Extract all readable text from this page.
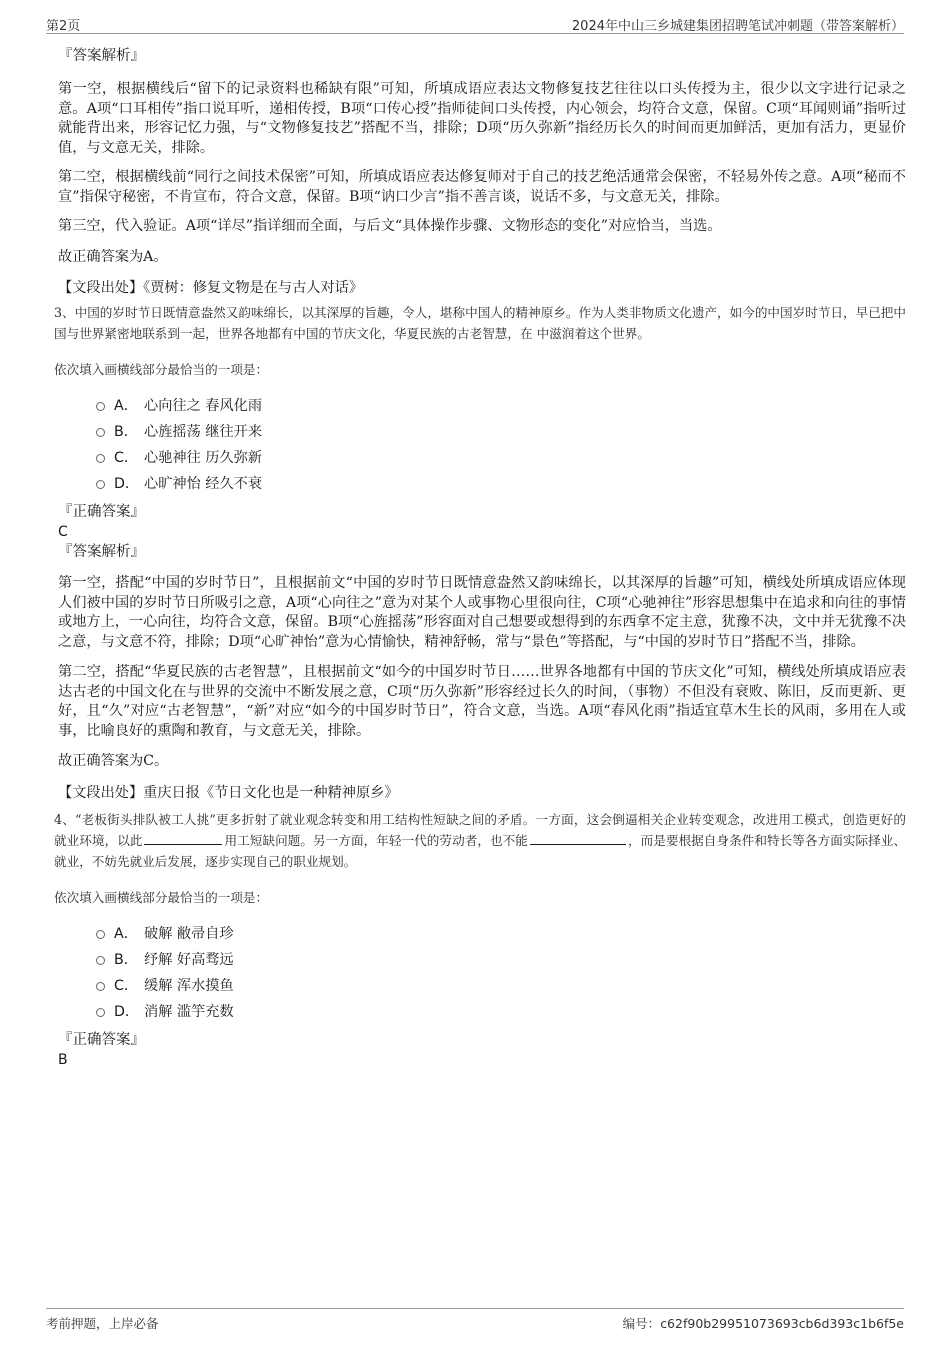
第2页	2024年中山三乡城建集团招聘笔试冲刺题（带答案解析）
『答案解析』
第一空，根据横线后“留下的记录资料也稀缺有限”可知，所填成语应表达文物修复技艺往往以口头传授为主，很少以文字进行记录之意。A项“口耳相传”指口说耳听，递相传授，B项“口传心授”指师徒间口头传授，内心领会，均符合文意，保留。C项“耳闻则诵”指听过就能背出来，形容记忆力强，与“文物修复技艺”搭配不当，排除；D项“历久弥新”指经历长久的时间而更加鲜活，更加有活力，更显价值，与文意无关，排除。
第二空，根据横线前“同行之间技术保密”可知，所填成语应表达修复师对于自己的技艺绝活通常会保密，不轻易外传之意。A项“秘而不宣”指保守秘密，不肯宣布，符合文意，保留。B项“讷口少言”指不善言谈，说话不多，与文意无关，排除。
第三空，代入验证。A项“详尽”指详细而全面，与后文“具体操作步骤、文物形态的变化”对应恰当，当选。
故正确答案为A。
【文段出处】《贾树：修复文物是在与古人对话》
3、中国的岁时节日既情意盎然又韵味绵长，以其深厚的旨趣，令人，堪称中国人的精神原乡。作为人类非物质文化遗产，如今的中国岁时节日，早已把中国与世界紧密地联系到一起，世界各地都有中国的节庆文化，华夏民族的古老智慧，在 中滋润着这个世界。
依次填入画横线部分最恰当的一项是：
A． 心向往之 春风化雨
B． 心旌摇荡 继往开来
C． 心驰神往 历久弥新
D． 心旷神怡 经久不衰
『正确答案』
C
『答案解析』
第一空，搭配“中国的岁时节日”，且根据前文“中国的岁时节日既情意盎然又韵味绵长，以其深厚的旨趣”可知，横线处所填成语应体现人们被中国的岁时节日所吸引之意，A项“心向往之”意为对某个人或事物心里很向往，C项“心驰神往”形容思想集中在追求和向往的事情或地方上，一心向往，均符合文意，保留。B项“心旌摇荡”形容面对自己想要或想得到的东西拿不定主意，犹豫不决，文中并无犹豫不决之意，与文意不符，排除；D项“心旷神怡”意为心情愉快，精神舒畅，常与“景色”等搭配，与“中国的岁时节日”搭配不当，排除。
第二空，搭配“华夏民族的古老智慧”，且根据前文“如今的中国岁时节日……世界各地都有中国的节庆文化”可知，横线处所填成语应表达古老的中国文化在与世界的交流中不断发展之意，C项“历久弥新”形容经过长久的时间，（事物）不但没有衰败、陈旧，反而更新、更好，且“久”对应“古老智慧”，“新”对应“如今的中国岁时节日”，符合文意，当选。A项“春风化雨”指适宜草木生长的风雨，多用在人或事，比喻良好的熏陶和教育，与文意无关，排除。
故正确答案为C。
【文段出处】重庆日报《节日文化也是一种精神原乡》
4、“老板街头排队被工人挑”更多折射了就业观念转变和用工结构性短缺之间的矛盾。一方面，这会倒逼相关企业转变观念，改进用工模式，创造更好的就业环境，以此	用工短缺问题。另一方面，年轻一代的劳动者，也不能	，而是要根据自身条件和特长等各方面实际择业、就业，不妨先就业后发展，逐步实现自己的职业规划。
依次填入画横线部分最恰当的一项是：
A． 破解 敝帚自珍
B． 纾解 好高骛远
C． 缓解 浑水摸鱼
D． 消解 滥竽充数
『正确答案』
B
考前押题，上岸必备	编号：c62f90b29951073693cb6d393c1b6f5e
